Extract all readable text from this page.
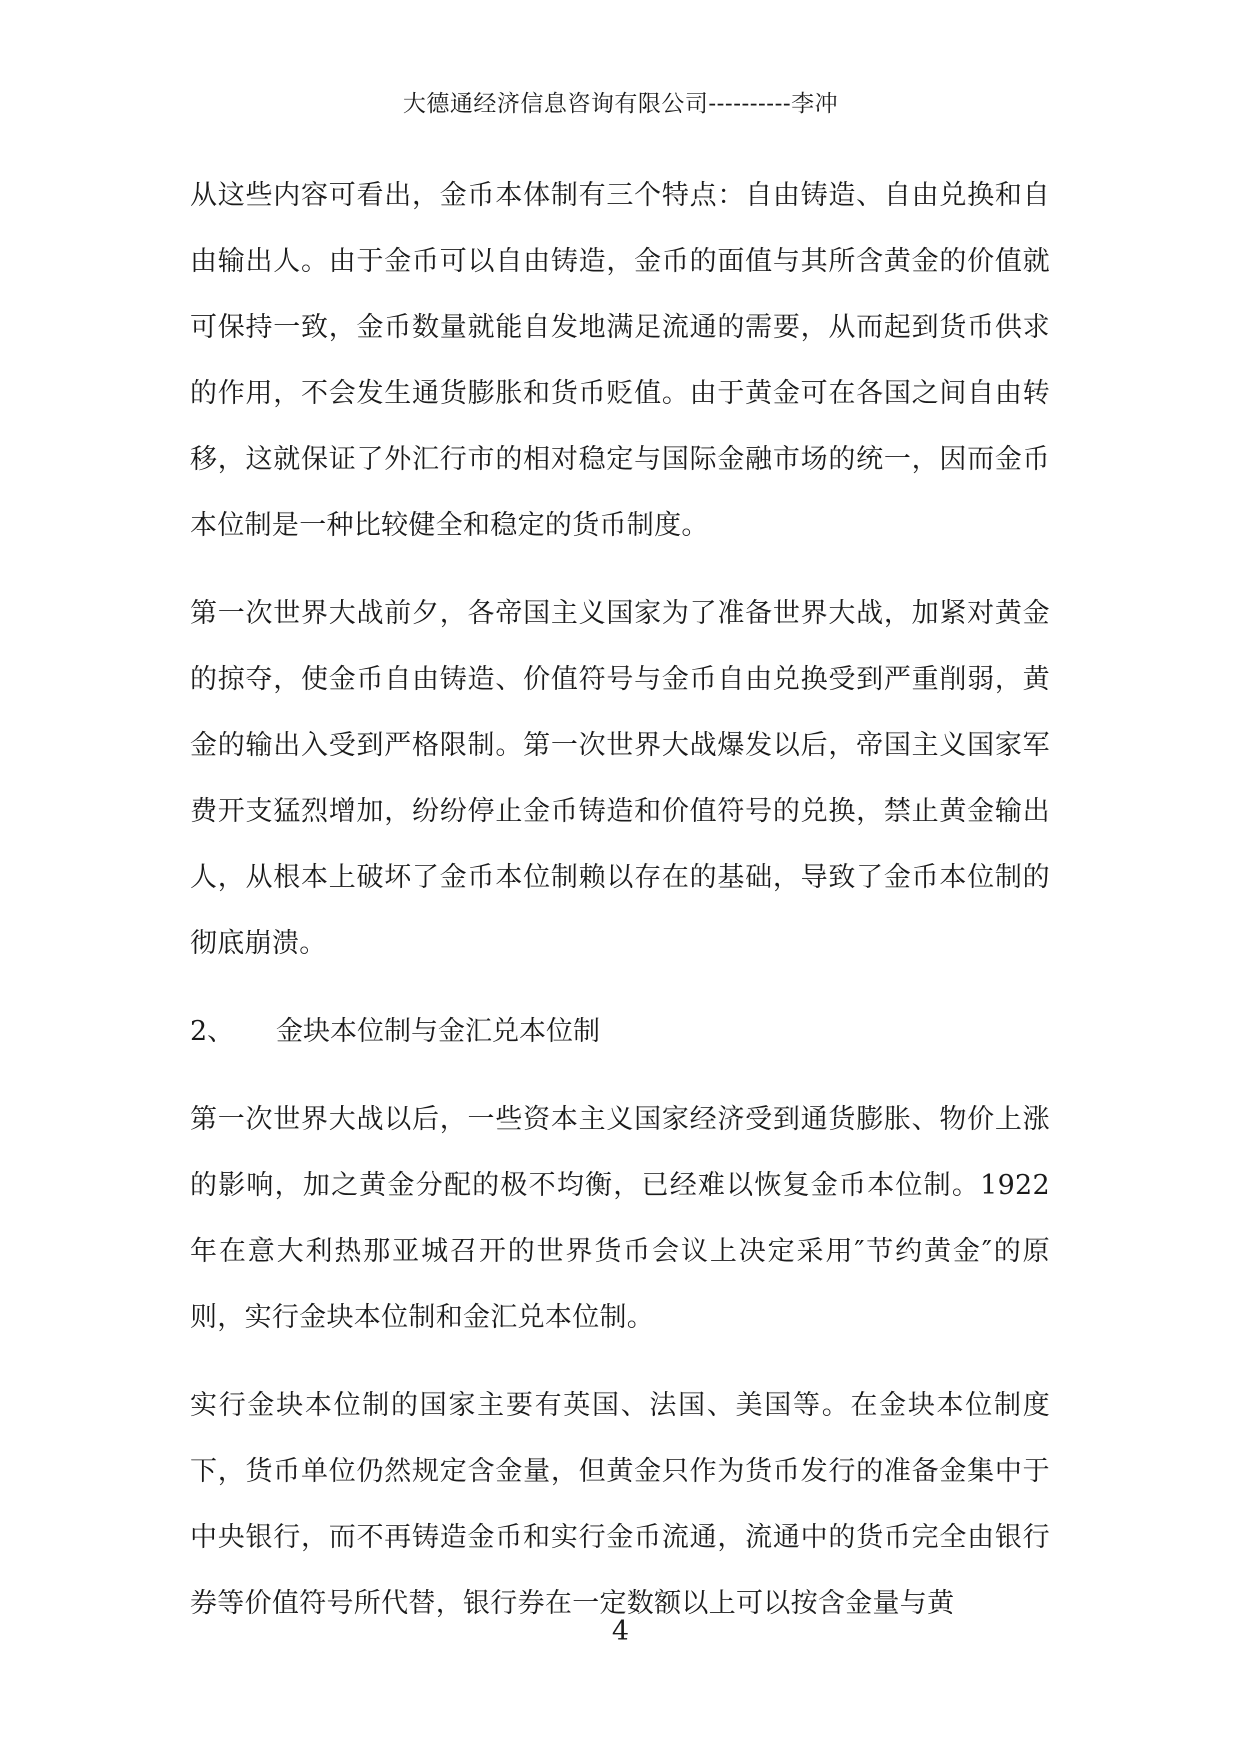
大德通经济信息咨询有限公司----------李冲

从这些内容可看出，金币本体制有三个特点：自由铸造、自由兑换和自由输出人。由于金币可以自由铸造，金币的面值与其所含黄金的价值就可保持一致，金币数量就能自发地满足流通的需要，从而起到货币供求的作用，不会发生通货膨胀和货币贬值。由于黄金可在各国之间自由转移，这就保证了外汇行市的相对稳定与国际金融市场的统一，因而金币本位制是一种比较健全和稳定的货币制度。

第一次世界大战前夕，各帝国主义国家为了准备世界大战，加紧对黄金的掠夺，使金币自由铸造、价值符号与金币自由兑换受到严重削弱，黄金的输出入受到严格限制。第一次世界大战爆发以后，帝国主义国家军费开支猛烈增加，纷纷停止金币铸造和价值符号的兑换，禁止黄金输出人，从根本上破坏了金币本位制赖以存在的基础，导致了金币本位制的彻底崩溃。

2、	金块本位制与金汇兑本位制

第一次世界大战以后，一些资本主义国家经济受到通货膨胀、物价上涨的影响，加之黄金分配的极不均衡，已经难以恢复金币本位制。1922年在意大利热那亚城召开的世界货币会议上决定采用″节约黄金″的原则，实行金块本位制和金汇兑本位制。

实行金块本位制的国家主要有英国、法国、美国等。在金块本位制度下，货币单位仍然规定含金量，但黄金只作为货币发行的准备金集中于中央银行，而不再铸造金币和实行金币流通，流通中的货币完全由银行券等价值符号所代替，银行券在一定数额以上可以按含金量与黄

4
